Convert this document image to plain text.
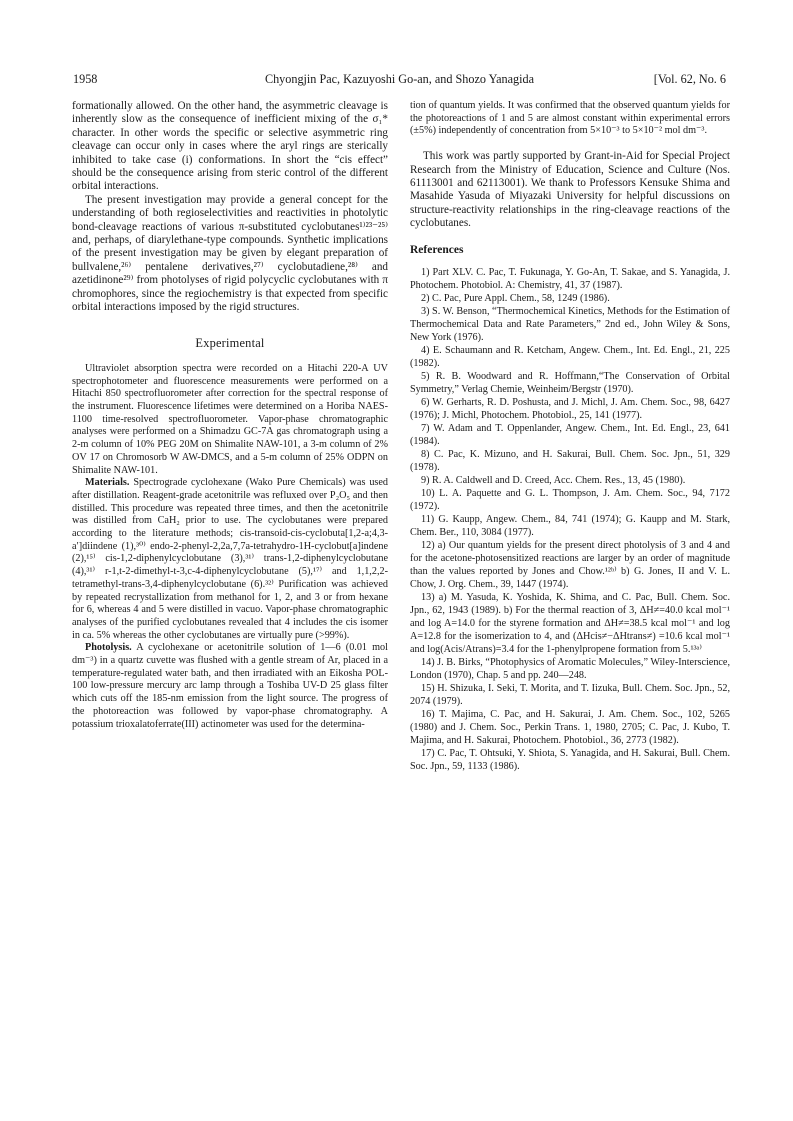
1958	Chyongjin Pac, Kazuyoshi Go-an, and Shozo Yanagida	[Vol. 62, No. 6

formationally allowed. On the other hand, the asymmetric cleavage is inherently slow as the consequence of inefficient mixing of the σ₁* character. In other words the specific or selective asymmetric ring cleavage can occur only in cases where the aryl rings are sterically inhibited to take case (i) conformations. In short the “cis effect” should be the consequence arising from steric control of the different orbital interactions.

The present investigation may provide a general concept for the understanding of both regioselectivities and reactivities in photolytic bond-cleavage reactions of various π-substituted cyclobutanes¹⁾²³⁻²⁵⁾ and, perhaps, of diarylethane-type compounds. Synthetic implications of the present investigation may be given by elegant preparation of bullvalene,²⁶⁾ pentalene derivatives,²⁷⁾ cyclobutadiene,²⁸⁾ and azetidinone²⁹⁾ from photolyses of rigid polycyclic cyclobutanes with π chromophores, since the regiochemistry is that expected from specific orbital interactions imposed by the rigid structures.

Experimental

Ultraviolet absorption spectra were recorded on a Hitachi 220-A UV spectrophotometer and fluorescence measurements were performed on a Hitachi 850 spectrofluorometer after correction for the spectral response of the instrument. Fluorescence lifetimes were determined on a Horiba NAES-1100 time-resolved spectrofluorometer. Vapor-phase chromatographic analyses were performed on a Shimadzu GC-7A gas chromatograph using a 2-m column of 10% PEG 20M on Shimalite NAW-101, a 3-m column of 2% OV 17 on Chromosorb W AW-DMCS, and a 5-m column of 25% ODPN on Shimalite NAW-101.

Materials. Spectrograde cyclohexane (Wako Pure Chemicals) was used after distillation. Reagent-grade acetonitrile was refluxed over P₂O₅ and then distilled. This procedure was repeated three times, and then the acetonitrile was distilled from CaH₂ prior to use. The cyclobutanes were prepared according to the literature methods; cis-transoid-cis-cyclobuta[1,2-a;4,3-a′]diindene (1),³⁰⁾ endo-2-phenyl-2,2a,7,7a-tetrahydro-1H-cyclobut[a]indene (2),¹⁵⁾ cis-1,2-diphenylcyclobutane (3),³¹⁾ trans-1,2-diphenylcyclobutane (4),³¹⁾ r-1,t-2-dimethyl-t-3,c-4-diphenylcyclobutane (5),¹⁷⁾ and 1,1,2,2-tetramethyl-trans-3,4-diphenylcyclobutane (6).³²⁾ Purification was achieved by repeated recrystallization from methanol for 1, 2, and 3 or from hexane for 6, whereas 4 and 5 were distilled in vacuo. Vapor-phase chromatographic analyses of the purified cyclobutanes revealed that 4 includes the cis isomer in ca. 5% whereas the other cyclobutanes are virtually pure (>99%).

Photolysis. A cyclohexane or acetonitrile solution of 1—6 (0.01 mol dm⁻³) in a quartz cuvette was flushed with a gentle stream of Ar, placed in a temperature-regulated water bath, and then irradiated with an Eikosha POL-100 low-pressure mercury arc lamp through a Toshiba UV-D 25 glass filter which cuts off the 185-nm emission from the light source. The progress of the photoreaction was followed by vapor-phase chromatography. A potassium trioxalatoferrate(III) actinometer was used for the determina-

tion of quantum yields. It was confirmed that the observed quantum yields for the photoreactions of 1 and 5 are almost constant within experimental errors (±5%) independently of concentration from 5×10⁻³ to 5×10⁻² mol dm⁻³.

This work was partly supported by Grant-in-Aid for Special Project Research from the Ministry of Education, Science and Culture (Nos. 61113001 and 62113001). We thank to Professors Kensuke Shima and Masahide Yasuda of Miyazaki University for helpful discussions on structure-reactivity relationships in the ring-cleavage reactions of the cyclobutanes.

References

1) Part XLV. C. Pac, T. Fukunaga, Y. Go-An, T. Sakae, and S. Yanagida, J. Photochem. Photobiol. A: Chemistry, 41, 37 (1987).

2) C. Pac, Pure Appl. Chem., 58, 1249 (1986).

3) S. W. Benson, “Thermochemical Kinetics, Methods for the Estimation of Thermochemical Data and Rate Parameters,” 2nd ed., John Wiley & Sons, New York (1976).

4) E. Schaumann and R. Ketcham, Angew. Chem., Int. Ed. Engl., 21, 225 (1982).

5) R. B. Woodward and R. Hoffmann,“The Conservation of Orbital Symmetry,” Verlag Chemie, Weinheim/Bergstr (1970).

6) W. Gerharts, R. D. Poshusta, and J. Michl, J. Am. Chem. Soc., 98, 6427 (1976); J. Michl, Photochem. Photobiol., 25, 141 (1977).

7) W. Adam and T. Oppenlander, Angew. Chem., Int. Ed. Engl., 23, 641 (1984).

8) C. Pac, K. Mizuno, and H. Sakurai, Bull. Chem. Soc. Jpn., 51, 329 (1978).

9) R. A. Caldwell and D. Creed, Acc. Chem. Res., 13, 45 (1980).

10) L. A. Paquette and G. L. Thompson, J. Am. Chem. Soc., 94, 7172 (1972).

11) G. Kaupp, Angew. Chem., 84, 741 (1974); G. Kaupp and M. Stark, Chem. Ber., 110, 3084 (1977).

12) a) Our quantum yields for the present direct photolysis of 3 and 4 and for the acetone-photosensitized reactions are larger by an order of magnitude than the values reported by Jones and Chow.¹²ᵇ⁾ b) G. Jones, II and V. L. Chow, J. Org. Chem., 39, 1447 (1974).

13) a) M. Yasuda, K. Yoshida, K. Shima, and C. Pac, Bull. Chem. Soc. Jpn., 62, 1943 (1989). b) For the thermal reaction of 3, ΔH≠=40.0 kcal mol⁻¹ and log A=14.0 for the styrene formation and ΔH≠=38.5 kcal mol⁻¹ and log A=12.8 for the isomerization to 4, and (ΔHcis≠−ΔHtrans≠) =10.6 kcal mol⁻¹ and log(Acis/Atrans)=3.4 for the 1-phenylpropene formation from 5.¹³ᵃ⁾

14) J. B. Birks, “Photophysics of Aromatic Molecules,” Wiley-Interscience, London (1970), Chap. 5 and pp. 240—248.

15) H. Shizuka, I. Seki, T. Morita, and T. Iizuka, Bull. Chem. Soc. Jpn., 52, 2074 (1979).

16) T. Majima, C. Pac, and H. Sakurai, J. Am. Chem. Soc., 102, 5265 (1980) and J. Chem. Soc., Perkin Trans. 1, 1980, 2705; C. Pac, J. Kubo, T. Majima, and H. Sakurai, Photochem. Photobiol., 36, 2773 (1982).

17) C. Pac, T. Ohtsuki, Y. Shiota, S. Yanagida, and H. Sakurai, Bull. Chem. Soc. Jpn., 59, 1133 (1986).
